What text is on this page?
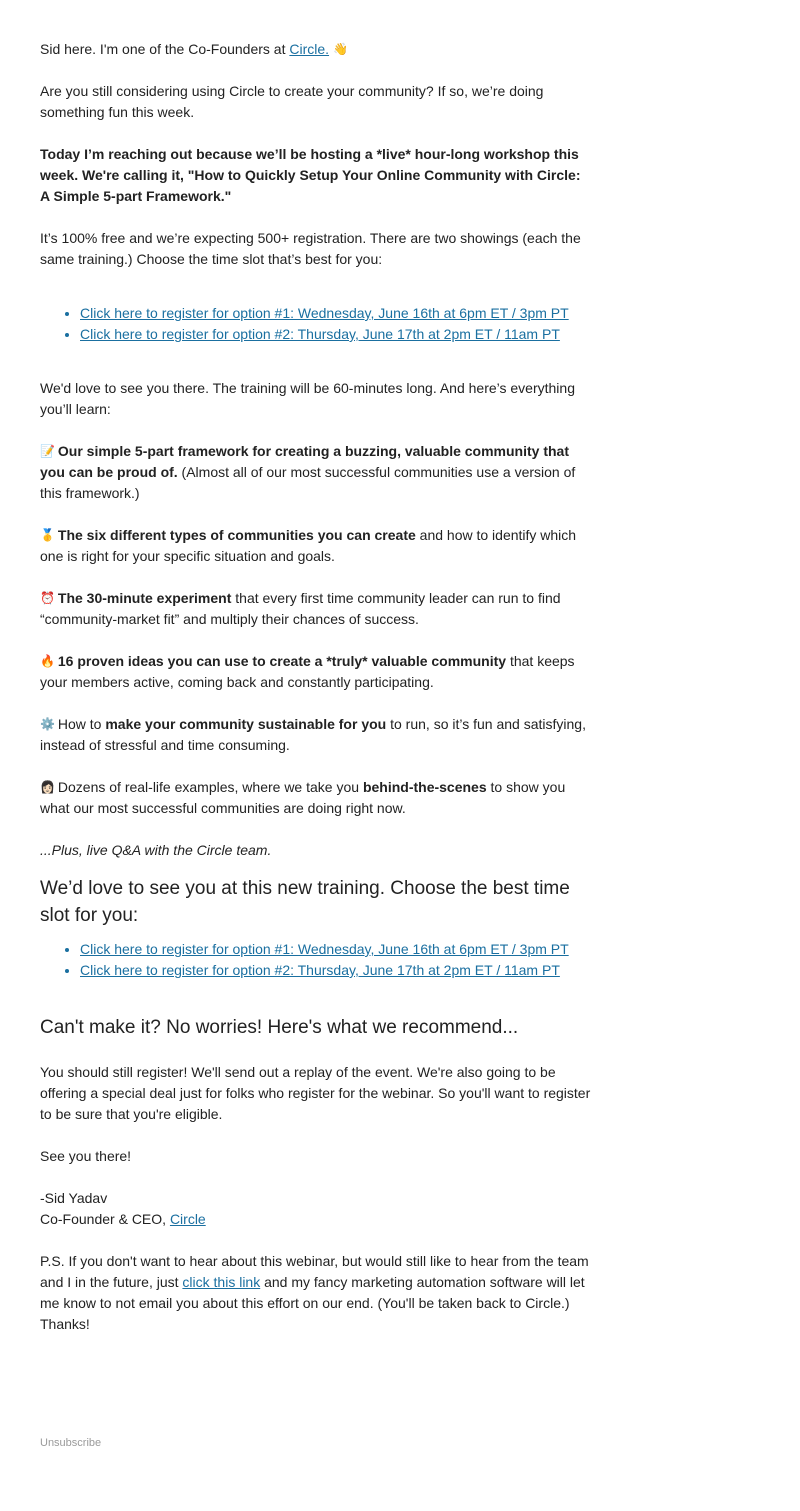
Sid here. I'm one of the Co-Founders at Circle. 👋

Are you still considering using Circle to create your community? If so, we’re doing something fun this week.

Today I’m reaching out because we’ll be hosting a *live* hour-long workshop this week. We're calling it, "How to Quickly Setup Your Online Community with Circle: A Simple 5-part Framework."

It’s 100% free and we’re expecting 500+ registration. There are two showings (each the same training.) Choose the time slot that’s best for you:

• Click here to register for option #1: Wednesday, June 16th at 6pm ET / 3pm PT
• Click here to register for option #2: Thursday, June 17th at 2pm ET / 11am PT

We'd love to see you there. The training will be 60-minutes long. And here’s everything you’ll learn:

📝 Our simple 5-part framework for creating a buzzing, valuable community that you can be proud of. (Almost all of our most successful communities use a version of this framework.)

🥇 The six different types of communities you can create and how to identify which one is right for your specific situation and goals.

⏰ The 30-minute experiment that every first time community leader can run to find “community-market fit” and multiply their chances of success.

🔥 16 proven ideas you can use to create a *truly* valuable community that keeps your members active, coming back and constantly participating.

⚙️ How to make your community sustainable for you to run, so it’s fun and satisfying, instead of stressful and time consuming.

👩🏻 Dozens of real-life examples, where we take you behind-the-scenes to show you what our most successful communities are doing right now.

...Plus, live Q&A with the Circle team.

We’d love to see you at this new training. Choose the best time slot for you:
• Click here to register for option #1: Wednesday, June 16th at 6pm ET / 3pm PT
• Click here to register for option #2: Thursday, June 17th at 2pm ET / 11am PT
Can't make it? No worries! Here's what we recommend...

You should still register! We'll send out a replay of the event. We're also going to be offering a special deal just for folks who register for the webinar. So you'll want to register to be sure that you're eligible.

See you there!

-Sid Yadav
Co-Founder & CEO, Circle

P.S. If you don't want to hear about this webinar, but would still like to hear from the team and I in the future, just click this link and my fancy marketing automation software will let me know to not email you about this effort on our end. (You'll be taken back to Circle.) Thanks!

Unsubscribe
